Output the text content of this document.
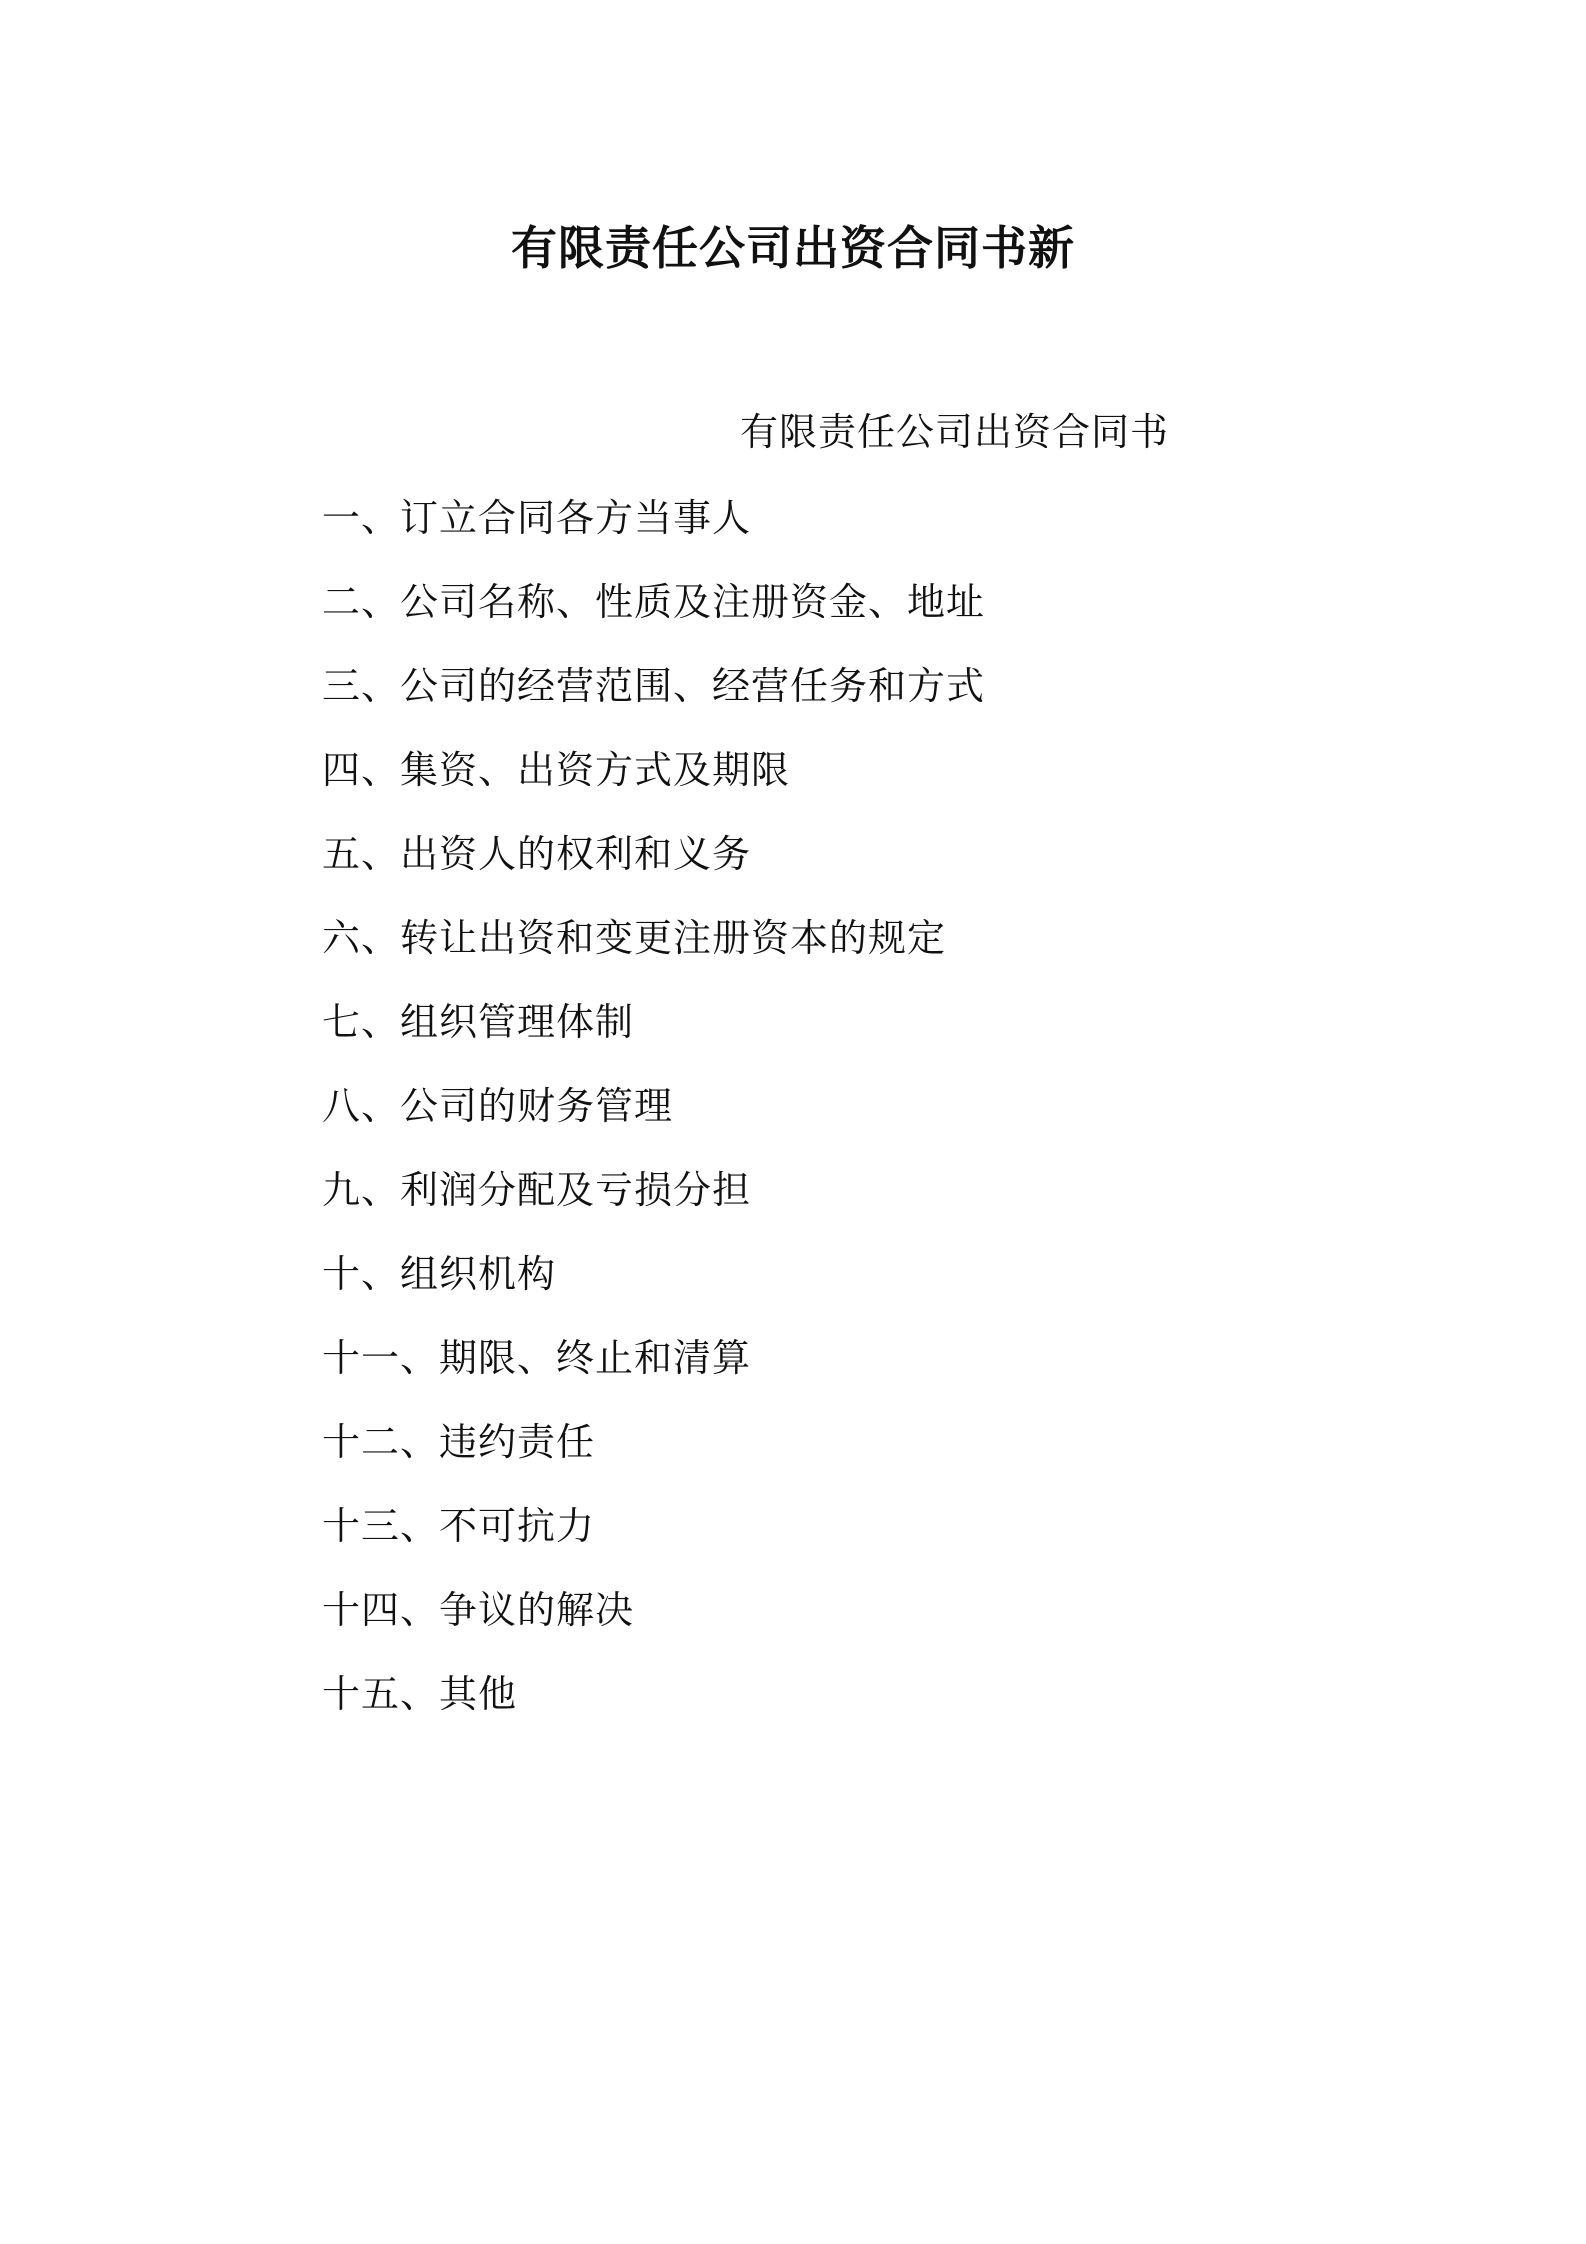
有限责任公司出资合同书新
有限责任公司出资合同书
一、订立合同各方当事人
二、公司名称、性质及注册资金、地址
三、公司的经营范围、经营任务和方式
四、集资、出资方式及期限
五、出资人的权利和义务
六、转让出资和变更注册资本的规定
七、组织管理体制
八、公司的财务管理
九、利润分配及亏损分担
十、组织机构
十一、期限、终止和清算
十二、违约责任
十三、不可抗力
十四、争议的解决
十五、其他
